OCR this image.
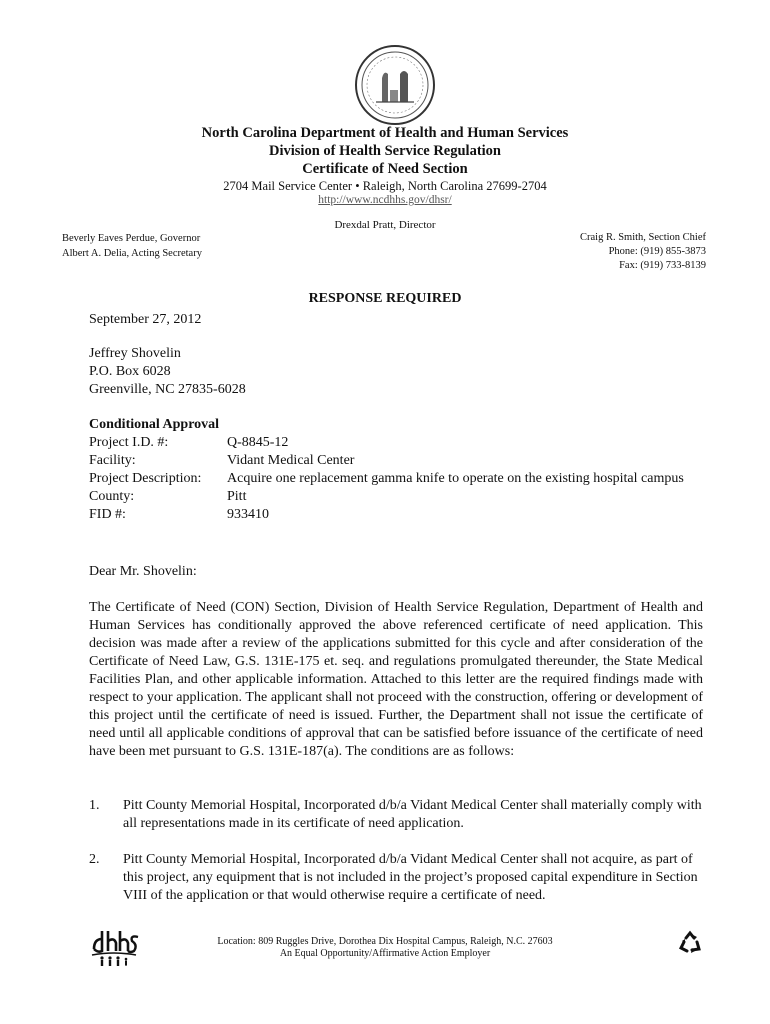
North Carolina Department of Health and Human Services
Division of Health Service Regulation
Certificate of Need Section
2704 Mail Service Center • Raleigh, North Carolina 27699-2704
http://www.ncdhhs.gov/dhsr/
Drexdal Pratt, Director
Beverly Eaves Perdue, Governor
Albert A. Delia, Acting Secretary
Craig R. Smith, Section Chief
Phone: (919) 855-3873
Fax: (919) 733-8139
RESPONSE REQUIRED
September 27, 2012
Jeffrey Shovelin
P.O. Box 6028
Greenville, NC 27835-6028
Conditional Approval
Project I.D. #:	Q-8845-12
Facility:	Vidant Medical Center
Project Description:	Acquire one replacement gamma knife to operate on the existing hospital campus
County:	Pitt
FID #:	933410
Dear Mr. Shovelin:
The Certificate of Need (CON) Section, Division of Health Service Regulation, Department of Health and Human Services has conditionally approved the above referenced certificate of need application. This decision was made after a review of the applications submitted for this cycle and after consideration of the Certificate of Need Law, G.S. 131E-175 et. seq. and regulations promulgated thereunder, the State Medical Facilities Plan, and other applicable information. Attached to this letter are the required findings made with respect to your application. The applicant shall not proceed with the construction, offering or development of this project until the certificate of need is issued. Further, the Department shall not issue the certificate of need until all applicable conditions of approval that can be satisfied before issuance of the certificate of need have been met pursuant to G.S. 131E-187(a). The conditions are as follows:
1.	Pitt County Memorial Hospital, Incorporated d/b/a Vidant Medical Center shall materially comply with all representations made in its certificate of need application.
2.	Pitt County Memorial Hospital, Incorporated d/b/a Vidant Medical Center shall not acquire, as part of this project, any equipment that is not included in the project’s proposed capital expenditure in Section VIII of the application or that would otherwise require a certificate of need.
Location: 809 Ruggles Drive, Dorothea Dix Hospital Campus, Raleigh, N.C. 27603
An Equal Opportunity/Affirmative Action Employer
